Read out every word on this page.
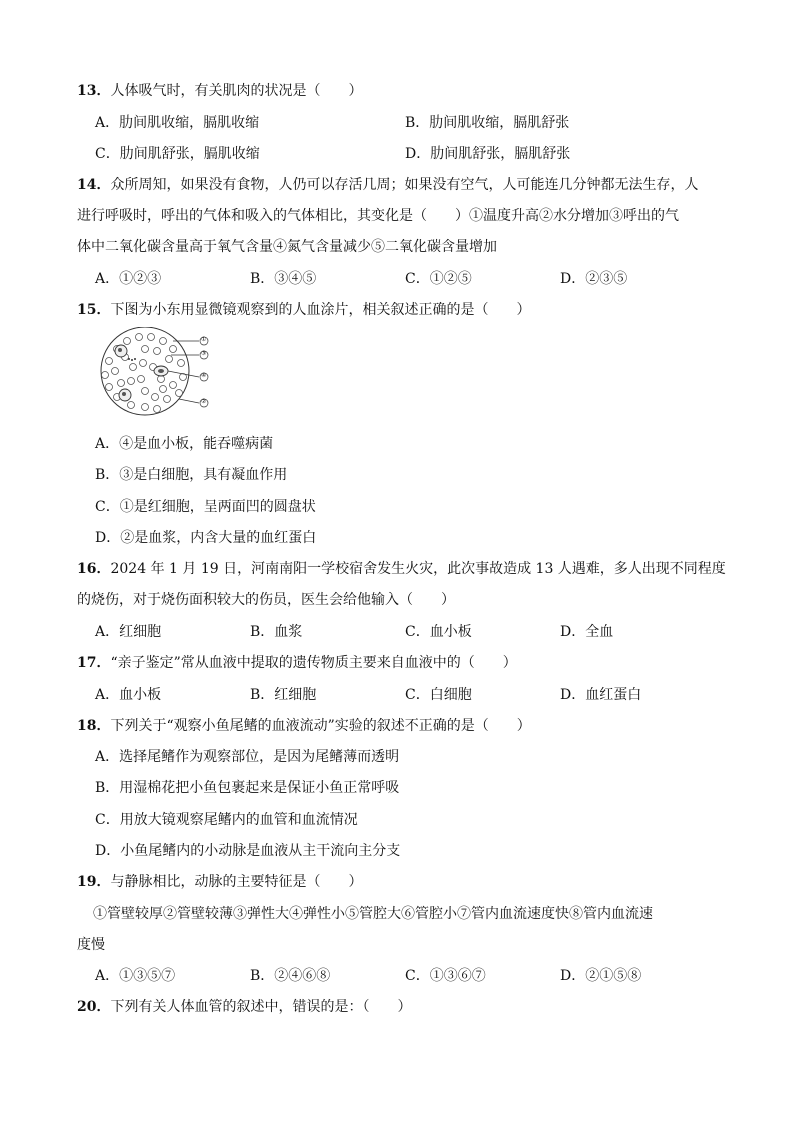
13．人体吸气时，有关肌肉的状况是（　　）
A．肋间肌收缩，膈肌收缩	B．肋间肌收缩，膈肌舒张
C．肋间肌舒张，膈肌收缩	D．肋间肌舒张，膈肌舒张
14．众所周知，如果没有食物，人仍可以存活几周；如果没有空气，人可能连几分钟都无法生存，人
进行呼吸时，呼出的气体和吸入的气体相比，其变化是（　　）①温度升高②水分增加③呼出的气
体中二氧化碳含量高于氧气含量④氮气含量减少⑤二氧化碳含量增加
A．①②③	B．③④⑤	C．①②⑤	D．②③⑤
15．下图为小东用显微镜观察到的人血涂片，相关叙述正确的是（　　）
①
③
④
②
A．④是血小板，能吞噬病菌
B．③是白细胞，具有凝血作用
C．①是红细胞，呈两面凹的圆盘状
D．②是血浆，内含大量的血红蛋白
16．2024 年 1 月 19 日，河南南阳一学校宿舍发生火灾，此次事故造成 13 人遇难，多人出现不同程度
的烧伤，对于烧伤面积较大的伤员，医生会给他输入（　　）
A．红细胞	B．血浆	C．血小板	D．全血
17．“亲子鉴定”常从血液中提取的遗传物质主要来自血液中的（　　）
A．血小板	B．红细胞	C．白细胞	D．血红蛋白
18．下列关于“观察小鱼尾鳍的血液流动”实验的叙述不正确的是（　　）
A．选择尾鳍作为观察部位，是因为尾鳍薄而透明
B．用湿棉花把小鱼包裹起来是保证小鱼正常呼吸
C．用放大镜观察尾鳍内的血管和血流情况
D．小鱼尾鳍内的小动脉是血液从主干流向主分支
19．与静脉相比，动脉的主要特征是（　　）
①管壁较厚②管壁较薄③弹性大④弹性小⑤管腔大⑥管腔小⑦管内血流速度快⑧管内血流速
度慢
A．①③⑤⑦	B．②④⑥⑧	C．①③⑥⑦	D．②①⑤⑧
20．下列有关人体血管的叙述中，错误的是：（　　）
